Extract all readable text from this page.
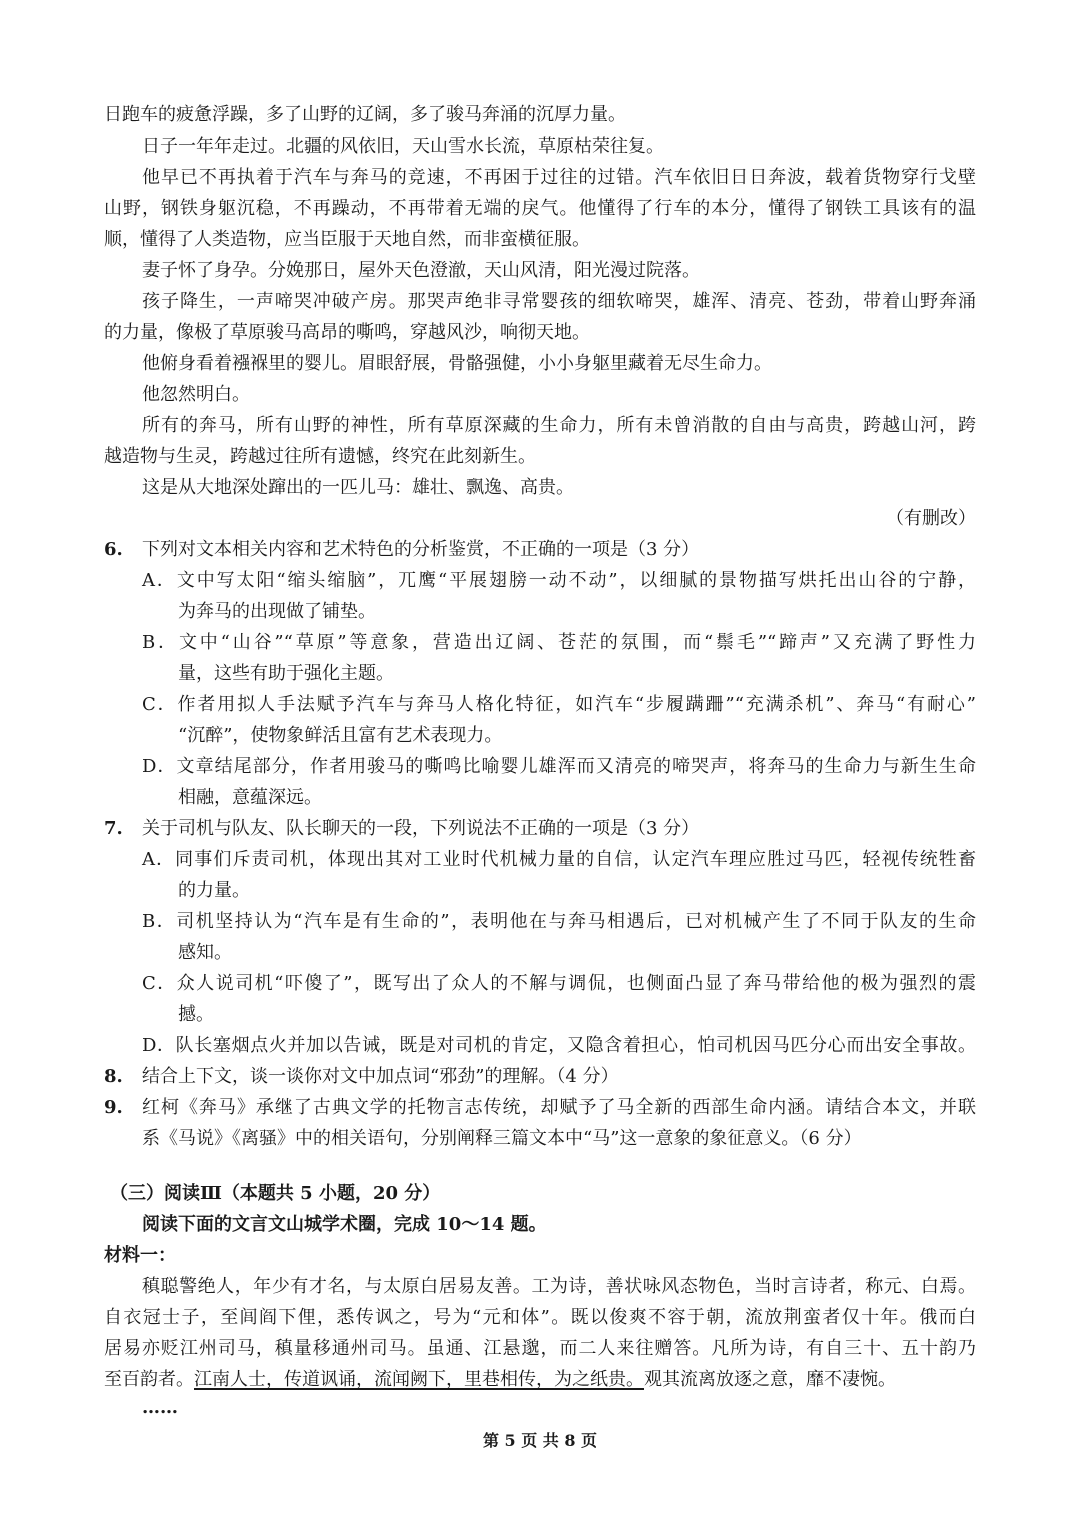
日跑车的疲惫浮躁，多了山野的辽阔，多了骏马奔涌的沉厚力量。
日子一年年走过。北疆的风依旧，天山雪水长流，草原枯荣往复。
他早已不再执着于汽车与奔马的竞速，不再困于过往的过错。汽车依旧日日奔波，载着货物穿行戈壁
山野，钢铁身躯沉稳，不再躁动，不再带着无端的戾气。他懂得了行车的本分，懂得了钢铁工具该有的温
顺，懂得了人类造物，应当臣服于天地自然，而非蛮横征服。
妻子怀了身孕。分娩那日，屋外天色澄澈，天山风清，阳光漫过院落。
孩子降生，一声啼哭冲破产房。那哭声绝非寻常婴孩的细软啼哭，雄浑、清亮、苍劲，带着山野奔涌
的力量，像极了草原骏马高昂的嘶鸣，穿越风沙，响彻天地。
他俯身看着襁褓里的婴儿。眉眼舒展，骨骼强健，小小身躯里藏着无尽生命力。
他忽然明白。
所有的奔马，所有山野的神性，所有草原深藏的生命力，所有未曾消散的自由与高贵，跨越山河，跨
越造物与生灵，跨越过往所有遗憾，终究在此刻新生。
这是从大地深处蹿出的一匹儿马：雄壮、飘逸、高贵。
（有删改）
6.	下列对文本相关内容和艺术特色的分析鉴赏，不正确的一项是（3 分）
A．文中写太阳“缩头缩脑”，兀鹰“平展翅膀一动不动”，以细腻的景物描写烘托出山谷的宁静，
为奔马的出现做了铺垫。
B．文中“山谷”“草原”等意象，营造出辽阔、苍茫的氛围，而“鬃毛”“蹄声”又充满了野性力
量，这些有助于强化主题。
C．作者用拟人手法赋予汽车与奔马人格化特征，如汽车“步履蹒跚”“充满杀机”、奔马“有耐心”
“沉醉”，使物象鲜活且富有艺术表现力。
D．文章结尾部分，作者用骏马的嘶鸣比喻婴儿雄浑而又清亮的啼哭声，将奔马的生命力与新生生命
相融，意蕴深远。
7.	关于司机与队友、队长聊天的一段，下列说法不正确的一项是（3 分）
A．同事们斥责司机，体现出其对工业时代机械力量的自信，认定汽车理应胜过马匹，轻视传统牲畜
的力量。
B．司机坚持认为“汽车是有生命的”，表明他在与奔马相遇后，已对机械产生了不同于队友的生命
感知。
C．众人说司机“吓傻了”，既写出了众人的不解与调侃，也侧面凸显了奔马带给他的极为强烈的震
撼。
D．队长塞烟点火并加以告诫，既是对司机的肯定，又隐含着担心，怕司机因马匹分心而出安全事故。
8.	结合上下文，谈一谈你对文中加点词“邪劲”的理解。（4 分）
9.	红柯《奔马》承继了古典文学的托物言志传统，却赋予了马全新的西部生命内涵。请结合本文，并联
系《马说》《离骚》中的相关语句，分别阐释三篇文本中“马”这一意象的象征意义。（6 分）
（三）阅读Ⅲ（本题共 5 小题，20 分）
阅读下面的文言文山城学术圈，完成 10～14 题。
材料一：
稹聪警绝人，年少有才名，与太原白居易友善。工为诗，善状咏风态物色，当时言诗者，称元、白焉。
自衣冠士子，至闾阎下俚，悉传讽之，号为“元和体”。既以俊爽不容于朝，流放荆蛮者仅十年。俄而白
居易亦贬江州司马，稹量移通州司马。虽通、江悬邈，而二人来往赠答。凡所为诗，有自三十、五十韵乃
至百韵者。江南人士，传道讽诵，流闻阙下，里巷相传，为之纸贵。观其流离放逐之意，靡不凄惋。
……
第 5 页 共 8 页
